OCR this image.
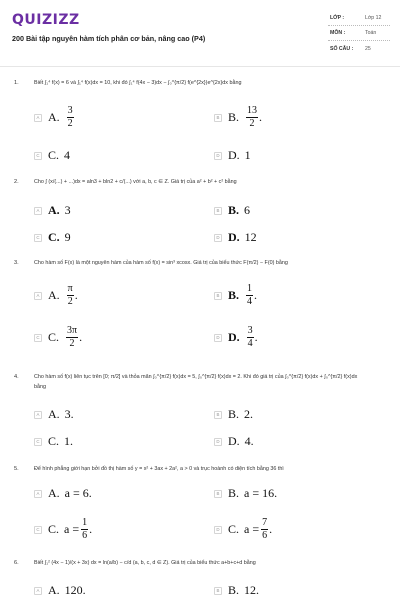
QUIZIZZ
200 Bài tập nguyên hàm tích phân cơ bản, nâng cao (P4)
LỚP :	Lớp 12
MÔN :	Toán
SỐ CÂU : 25
1.	Biết ∫₁⁴ f(x) = 6 và ∫₁⁴ f(x)dx = 10, khi đó ∫₁⁴ f(4x − 3)dx − ∫₀^{π/2} f(e^{2x})e^{2x}dx bằng
A A. $\frac{3}{2}$	B B. $\frac{13}{2}$ .
C C. 4	D D. 1
2.	Cho ∫ (x/(...) + ...)dx = aln3 + bln2 + c/(...) với a, b, c ∈ Z. Giá trị của a² + b² + c² bằng
A A. 3	B B. 6
C C. 9	D D. 12
3.	Cho hàm số F(x) là một nguyên hàm của hàm số f(x) = sin³ xcosx. Giá trị của biểu thức F(π/2) − F(0) bằng
A A. $\frac{\pi}{2}$ .	B B. $\frac{1}{4}$ .
C C. $\frac{3\pi}{2}$ .	D D. $\frac{3}{4}$ .
4.	Cho hàm số f(x) liên tục trên [0; π/2] và thỏa mãn ∫₀^{π/2} f(x)dx = 5, ∫₀^{π/2} f(x)dx = 2. Khi đó giá trị của ∫₀^{π/2} f(x)dx + ∫₀^{π/2} f(x)dx
bằng
A A. 3.	B B. 2.
C C. 1.	D D. 4.
5.	Để hình phẳng giới hạn bởi đồ thị hàm số y = x² + 3ax + 2a², a > 0 và trục hoành có diện tích bằng 36 thì
A A. a = 6.	B B. a = 16.
C C. $a = \frac{1}{6}$ .	D C. $a = \frac{7}{6}$ .
6.	Biết ∫₁² (4x − 1)/(x + 3x) dx = ln(a/b) − c/d (a, b, c, d ∈ Z). Giá trị của biểu thức a+b+c+d bằng
A A. 120.	B B. 12.
